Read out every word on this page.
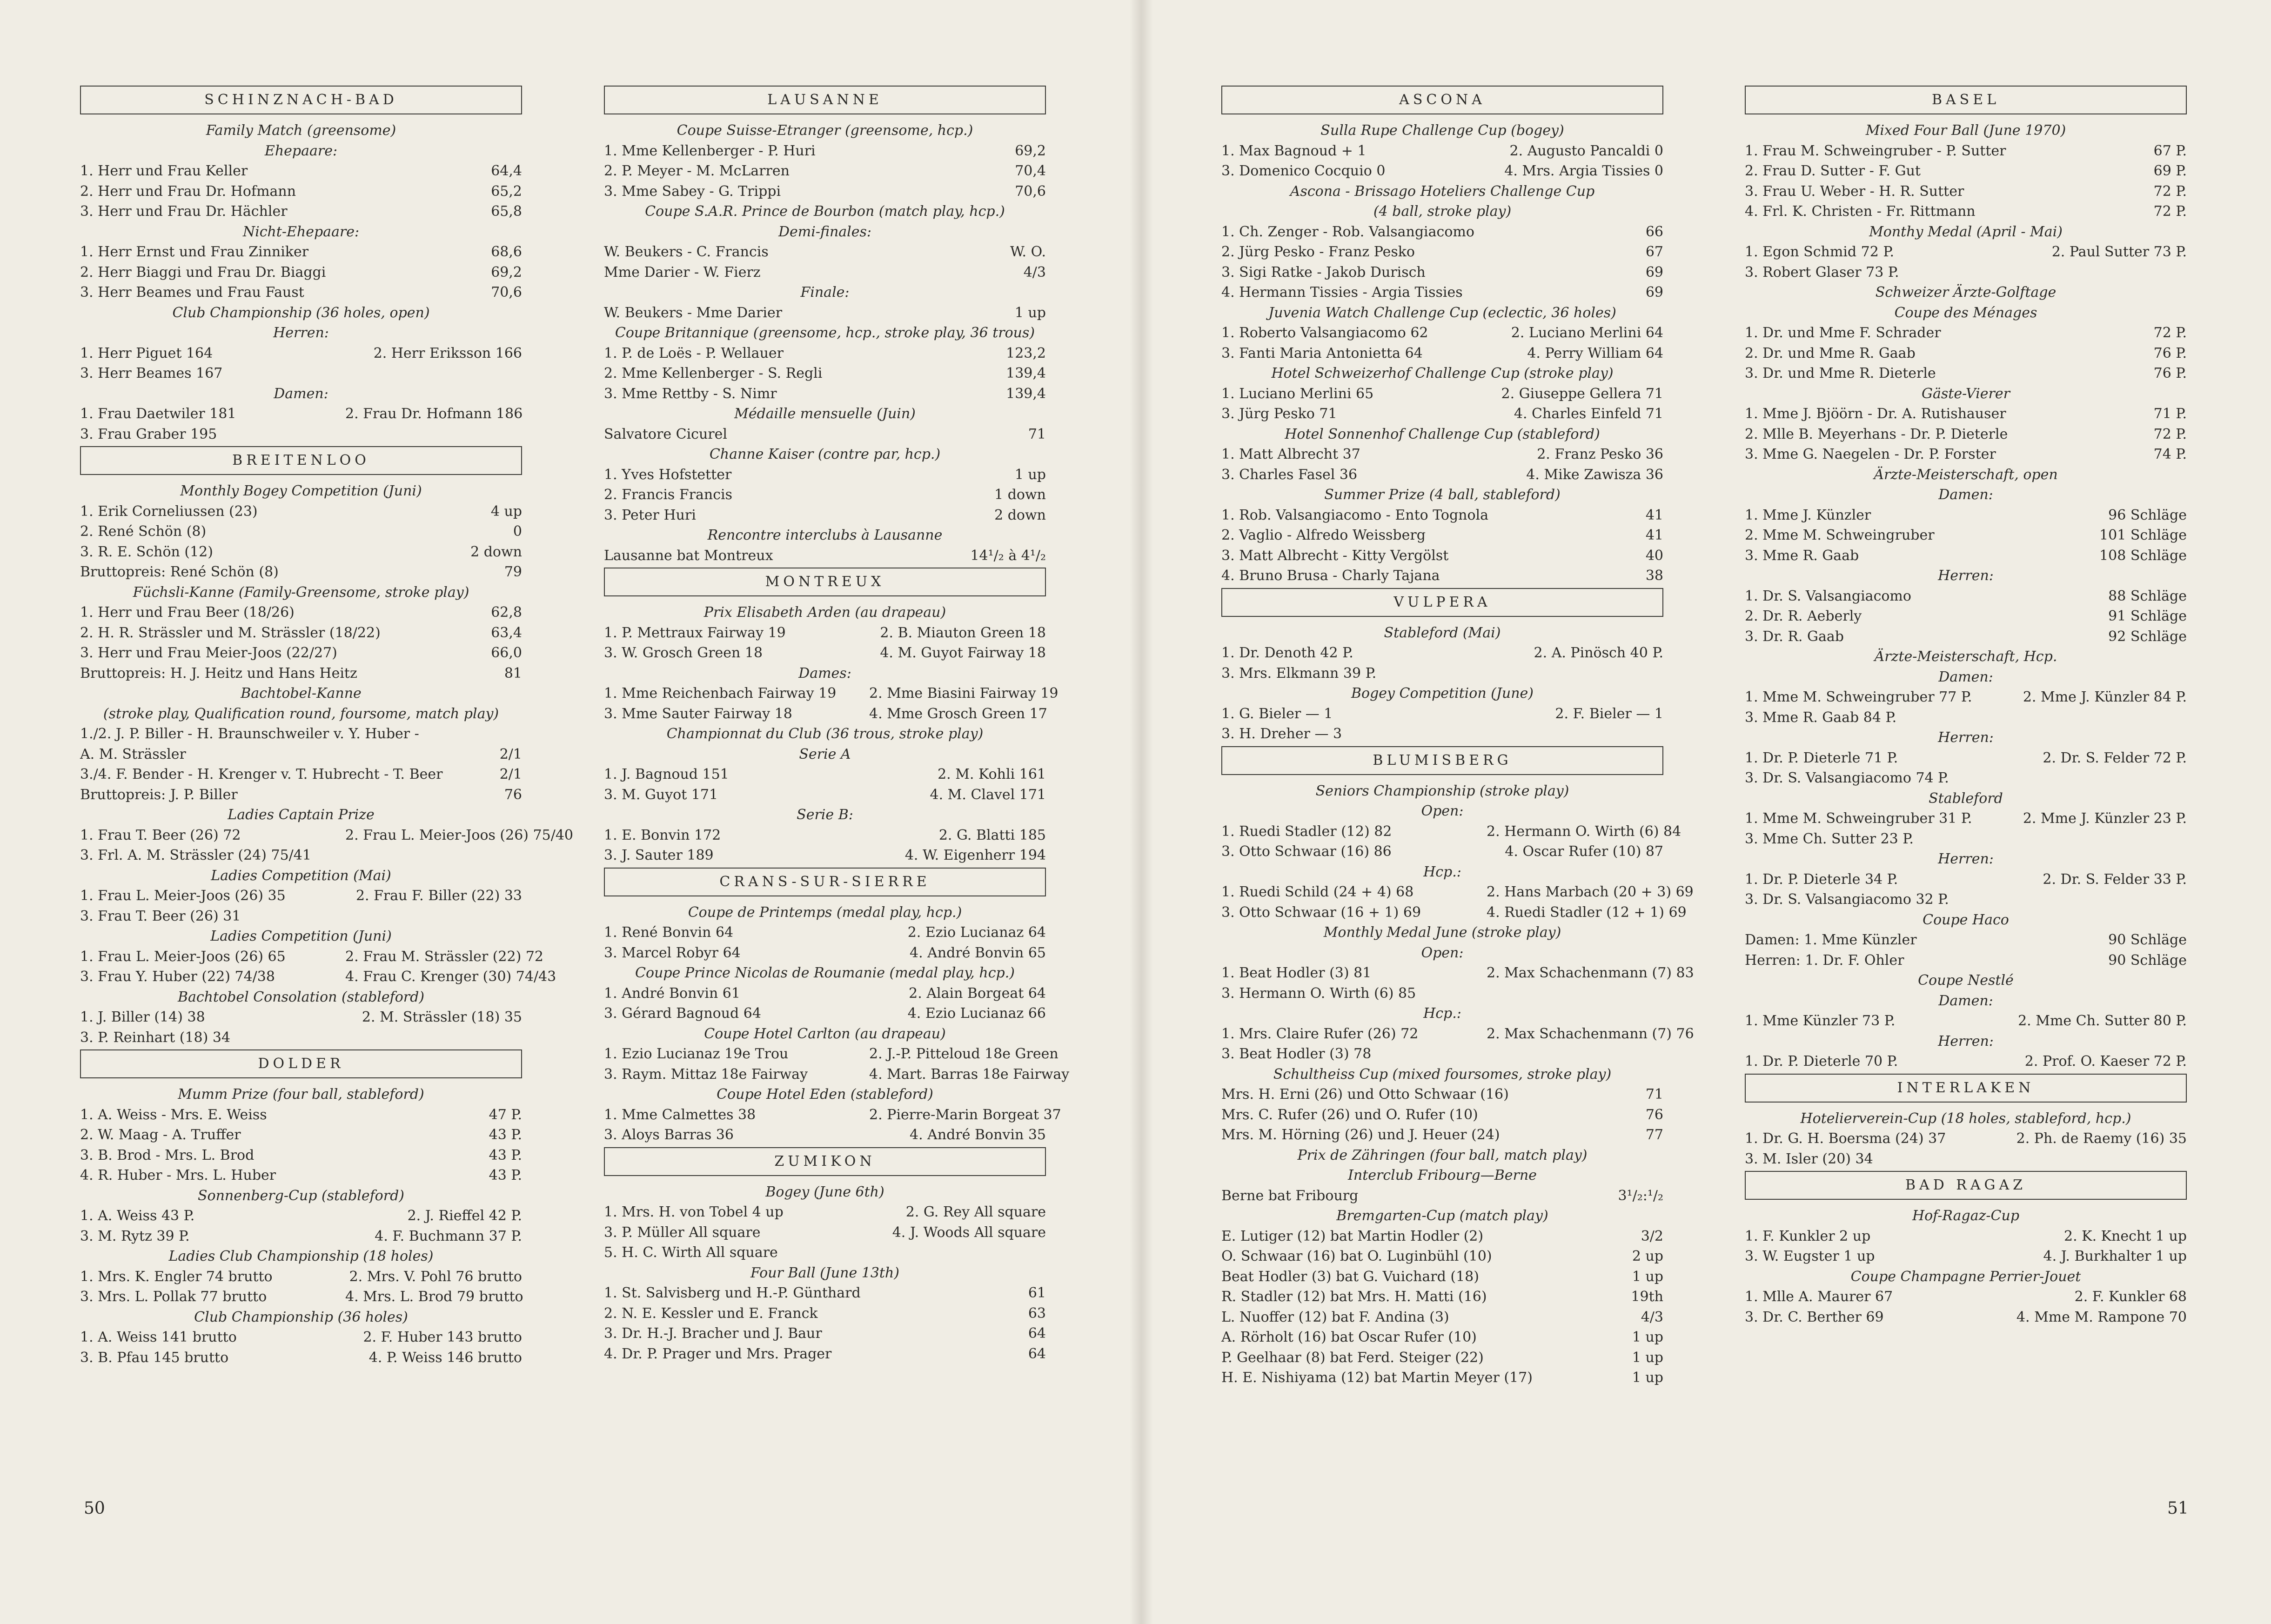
SCHINZNACH-BAD
Family Match (greensome)
Ehepaare:
1. Herr und Frau Keller	64,4
2. Herr und Frau Dr. Hofmann	65,2
3. Herr und Frau Dr. Hächler	65,8
Nicht-Ehepaare:
1. Herr Ernst und Frau Zinniker	68,6
2. Herr Biaggi und Frau Dr. Biaggi	69,2
3. Herr Beames und Frau Faust	70,6
Club Championship (36 holes, open)
Herren:
1. Herr Piguet 164	2. Herr Eriksson 166
3. Herr Beames 167
Damen:
1. Frau Daetwiler 181	2. Frau Dr. Hofmann 186
3. Frau Graber 195
BREITENLOO
Monthly Bogey Competition (Juni)
1. Erik Corneliussen (23)	4 up
2. René Schön (8)	0
3. R. E. Schön (12)	2 down
Bruttopreis: René Schön (8)	79
Füchsli-Kanne (Family-Greensome, stroke play)
1. Herr und Frau Beer (18/26)	62,8
2. H. R. Strässler und M. Strässler (18/22)	63,4
3. Herr und Frau Meier-Joos (22/27)	66,0
Bruttopreis: H. J. Heitz und Hans Heitz	81
Bachtobel-Kanne
(stroke play, Qualification round, foursome, match play)
1./2. J. P. Biller - H. Braunschweiler v. Y. Huber -
A. M. Strässler	2/1
3./4. F. Bender - H. Krenger v. T. Hubrecht - T. Beer	2/1
Bruttopreis: J. P. Biller	76
Ladies Captain Prize
1. Frau T. Beer (26) 72	2. Frau L. Meier-Joos (26) 75/40
3. Frl. A. M. Strässler (24) 75/41
Ladies Competition (Mai)
1. Frau L. Meier-Joos (26) 35	2. Frau F. Biller (22) 33
3. Frau T. Beer (26) 31
Ladies Competition (Juni)
1. Frau L. Meier-Joos (26) 65	2. Frau M. Strässler (22) 72
3. Frau Y. Huber (22) 74/38	4. Frau C. Krenger (30) 74/43
Bachtobel Consolation (stableford)
1. J. Biller (14) 38	2. M. Strässler (18) 35
3. P. Reinhart (18) 34
DOLDER
Mumm Prize (four ball, stableford)
1. A. Weiss - Mrs. E. Weiss	47 P.
2. W. Maag - A. Truffer	43 P.
3. B. Brod - Mrs. L. Brod	43 P.
4. R. Huber - Mrs. L. Huber	43 P.
Sonnenberg-Cup (stableford)
1. A. Weiss 43 P.	2. J. Rieffel 42 P.
3. M. Rytz 39 P.	4. F. Buchmann 37 P.
Ladies Club Championship (18 holes)
1. Mrs. K. Engler 74 brutto	2. Mrs. V. Pohl 76 brutto
3. Mrs. L. Pollak 77 brutto	4. Mrs. L. Brod 79 brutto
Club Championship (36 holes)
1. A. Weiss 141 brutto	2. F. Huber 143 brutto
3. B. Pfau 145 brutto	4. P. Weiss 146 brutto
LAUSANNE
Coupe Suisse-Etranger (greensome, hcp.)
1. Mme Kellenberger - P. Huri	69,2
2. P. Meyer - M. McLarren	70,4
3. Mme Sabey - G. Trippi	70,6
Coupe S.A.R. Prince de Bourbon (match play, hcp.)
Demi-finales:
W. Beukers - C. Francis	W. O.
Mme Darier - W. Fierz	4/3
Finale:
W. Beukers - Mme Darier	1 up
Coupe Britannique (greensome, hcp., stroke play, 36 trous)
1. P. de Loës - P. Wellauer	123,2
2. Mme Kellenberger - S. Regli	139,4
3. Mme Rettby - S. Nimr	139,4
Médaille mensuelle (Juin)
Salvatore Cicurel	71
Channe Kaiser (contre par, hcp.)
1. Yves Hofstetter	1 up
2. Francis Francis	1 down
3. Peter Huri	2 down
Rencontre interclubs à Lausanne
Lausanne bat Montreux	14¹/₂ à 4¹/₂
MONTREUX
Prix Elisabeth Arden (au drapeau)
1. P. Mettraux Fairway 19	2. B. Miauton Green 18
3. W. Grosch Green 18	4. M. Guyot Fairway 18
Dames:
1. Mme Reichenbach Fairway 19	2. Mme Biasini Fairway 19
3. Mme Sauter Fairway 18	4. Mme Grosch Green 17
Championnat du Club (36 trous, stroke play)
Serie A
1. J. Bagnoud 151	2. M. Kohli 161
3. M. Guyot 171	4. M. Clavel 171
Serie B:
1. E. Bonvin 172	2. G. Blatti 185
3. J. Sauter 189	4. W. Eigenherr 194
CRANS-SUR-SIERRE
Coupe de Printemps (medal play, hcp.)
1. René Bonvin 64	2. Ezio Lucianaz 64
3. Marcel Robyr 64	4. André Bonvin 65
Coupe Prince Nicolas de Roumanie (medal play, hcp.)
1. André Bonvin 61	2. Alain Borgeat 64
3. Gérard Bagnoud 64	4. Ezio Lucianaz 66
Coupe Hotel Carlton (au drapeau)
1. Ezio Lucianaz 19e Trou	2. J.-P. Pitteloud 18e Green
3. Raym. Mittaz 18e Fairway	4. Mart. Barras 18e Fairway
Coupe Hotel Eden (stableford)
1. Mme Calmettes 38	2. Pierre-Marin Borgeat 37
3. Aloys Barras 36	4. André Bonvin 35
ZUMIKON
Bogey (June 6th)
1. Mrs. H. von Tobel 4 up	2. G. Rey All square
3. P. Müller All square	4. J. Woods All square
5. H. C. Wirth All square
Four Ball (June 13th)
1. St. Salvisberg und H.-P. Günthard	61
2. N. E. Kessler und E. Franck	63
3. Dr. H.-J. Bracher und J. Baur	64
4. Dr. P. Prager und Mrs. Prager	64
ASCONA
Sulla Rupe Challenge Cup (bogey)
1. Max Bagnoud + 1	2. Augusto Pancaldi 0
3. Domenico Cocquio 0	4. Mrs. Argia Tissies 0
Ascona - Brissago Hoteliers Challenge Cup
(4 ball, stroke play)
1. Ch. Zenger - Rob. Valsangiacomo	66
2. Jürg Pesko - Franz Pesko	67
3. Sigi Ratke - Jakob Durisch	69
4. Hermann Tissies - Argia Tissies	69
Juvenia Watch Challenge Cup (eclectic, 36 holes)
1. Roberto Valsangiacomo 62	2. Luciano Merlini 64
3. Fanti Maria Antonietta 64	4. Perry William 64
Hotel Schweizerhof Challenge Cup (stroke play)
1. Luciano Merlini 65	2. Giuseppe Gellera 71
3. Jürg Pesko 71	4. Charles Einfeld 71
Hotel Sonnenhof Challenge Cup (stableford)
1. Matt Albrecht 37	2. Franz Pesko 36
3. Charles Fasel 36	4. Mike Zawisza 36
Summer Prize (4 ball, stableford)
1. Rob. Valsangiacomo - Ento Tognola	41
2. Vaglio - Alfredo Weissberg	41
3. Matt Albrecht - Kitty Vergölst	40
4. Bruno Brusa - Charly Tajana	38
VULPERA
Stableford (Mai)
1. Dr. Denoth 42 P.	2. A. Pinösch 40 P.
3. Mrs. Elkmann 39 P.
Bogey Competition (June)
1. G. Bieler — 1	2. F. Bieler — 1
3. H. Dreher — 3
BLUMISBERG
Seniors Championship (stroke play)
Open:
1. Ruedi Stadler (12) 82	2. Hermann O. Wirth (6) 84
3. Otto Schwaar (16) 86	4. Oscar Rufer (10) 87
Hcp.:
1. Ruedi Schild (24 + 4) 68	2. Hans Marbach (20 + 3) 69
3. Otto Schwaar (16 + 1) 69	4. Ruedi Stadler (12 + 1) 69
Monthly Medal June (stroke play)
Open:
1. Beat Hodler (3) 81	2. Max Schachenmann (7) 83
3. Hermann O. Wirth (6) 85
Hcp.:
1. Mrs. Claire Rufer (26) 72	2. Max Schachenmann (7) 76
3. Beat Hodler (3) 78
Schultheiss Cup (mixed foursomes, stroke play)
Mrs. H. Erni (26) und Otto Schwaar (16)	71
Mrs. C. Rufer (26) und O. Rufer (10)	76
Mrs. M. Hörning (26) und J. Heuer (24)	77
Prix de Zähringen (four ball, match play)
Interclub Fribourg—Berne
Berne bat Fribourg	3¹/₂:¹/₂
Bremgarten-Cup (match play)
E. Lutiger (12) bat Martin Hodler (2)	3/2
O. Schwaar (16) bat O. Luginbühl (10)	2 up
Beat Hodler (3) bat G. Vuichard (18)	1 up
R. Stadler (12) bat Mrs. H. Matti (16)	19th
L. Nuoffer (12) bat F. Andina (3)	4/3
A. Rörholt (16) bat Oscar Rufer (10)	1 up
P. Geelhaar (8) bat Ferd. Steiger (22)	1 up
H. E. Nishiyama (12) bat Martin Meyer (17)	1 up
BASEL
Mixed Four Ball (June 1970)
1. Frau M. Schweingruber - P. Sutter	67 P.
2. Frau D. Sutter - F. Gut	69 P.
3. Frau U. Weber - H. R. Sutter	72 P.
4. Frl. K. Christen - Fr. Rittmann	72 P.
Monthy Medal (April - Mai)
1. Egon Schmid 72 P.	2. Paul Sutter 73 P.
3. Robert Glaser 73 P.
Schweizer Ärzte-Golftage
Coupe des Ménages
1. Dr. und Mme F. Schrader	72 P.
2. Dr. und Mme R. Gaab	76 P.
3. Dr. und Mme R. Dieterle	76 P.
Gäste-Vierer
1. Mme J. Bjöörn - Dr. A. Rutishauser	71 P.
2. Mlle B. Meyerhans - Dr. P. Dieterle	72 P.
3. Mme G. Naegelen - Dr. P. Forster	74 P.
Ärzte-Meisterschaft, open
Damen:
1. Mme J. Künzler	96 Schläge
2. Mme M. Schweingruber	101 Schläge
3. Mme R. Gaab	108 Schläge
Herren:
1. Dr. S. Valsangiacomo	88 Schläge
2. Dr. R. Aeberly	91 Schläge
3. Dr. R. Gaab	92 Schläge
Ärzte-Meisterschaft, Hcp.
Damen:
1. Mme M. Schweingruber 77 P.	2. Mme J. Künzler 84 P.
3. Mme R. Gaab 84 P.
Herren:
1. Dr. P. Dieterle 71 P.	2. Dr. S. Felder 72 P.
3. Dr. S. Valsangiacomo 74 P.
Stableford
1. Mme M. Schweingruber 31 P.	2. Mme J. Künzler 23 P.
3. Mme Ch. Sutter 23 P.
Herren:
1. Dr. P. Dieterle 34 P.	2. Dr. S. Felder 33 P.
3. Dr. S. Valsangiacomo 32 P.
Coupe Haco
Damen: 1. Mme Künzler	90 Schläge
Herren: 1. Dr. F. Ohler	90 Schläge
Coupe Nestlé
Damen:
1. Mme Künzler 73 P.	2. Mme Ch. Sutter 80 P.
Herren:
1. Dr. P. Dieterle 70 P.	2. Prof. O. Kaeser 72 P.
INTERLAKEN
Hotelierverein-Cup (18 holes, stableford, hcp.)
1. Dr. G. H. Boersma (24) 37	2. Ph. de Raemy (16) 35
3. M. Isler (20) 34
BAD RAGAZ
Hof-Ragaz-Cup
1. F. Kunkler 2 up	2. K. Knecht 1 up
3. W. Eugster 1 up	4. J. Burkhalter 1 up
Coupe Champagne Perrier-Jouet
1. Mlle A. Maurer 67	2. F. Kunkler 68
3. Dr. C. Berther 69	4. Mme M. Rampone 70
50	51
